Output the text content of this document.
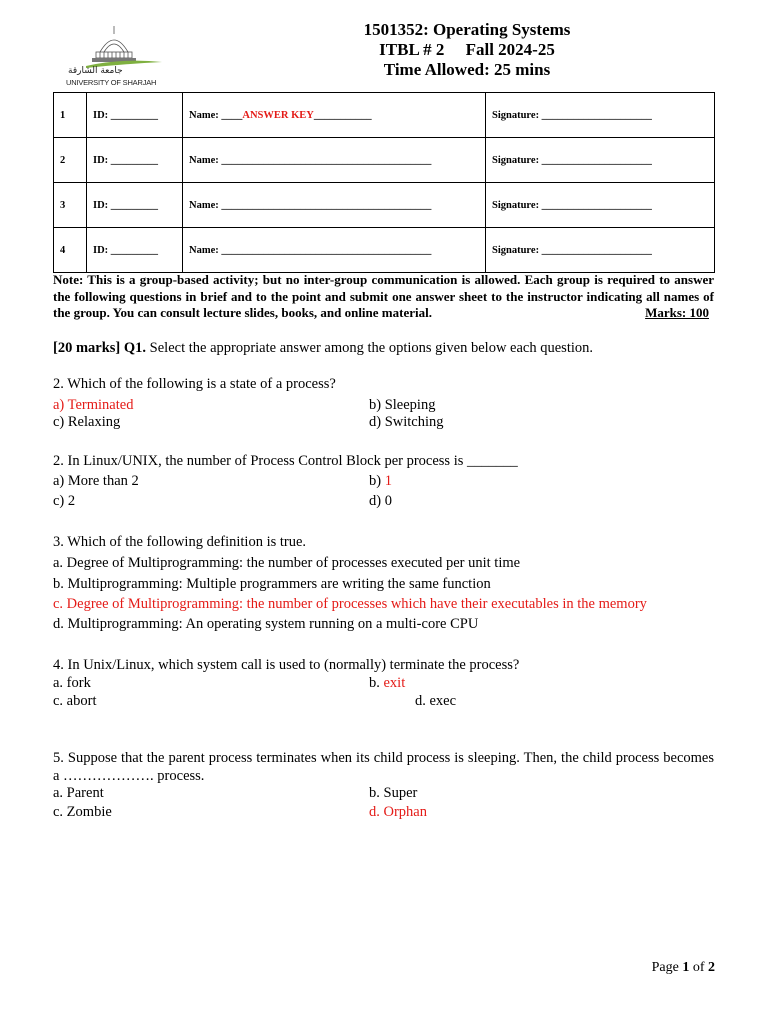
جامعة الشارقة
UNIVERSITY OF SHARJAH
1501352: Operating Systems
ITBL # 2     Fall 2024-25
Time Allowed: 25 mins
1	ID: _________	Name: ____ANSWER KEY___________	Signature: _____________________
2	ID: _________	Name: ________________________________________	Signature: _____________________
3	ID: _________	Name: ________________________________________	Signature: _____________________
4	ID: _________	Name: ________________________________________	Signature: _____________________
Note: This is a group-based activity; but no inter-group communication is allowed. Each group is required to answer the following questions in brief and to the point and submit one answer sheet to the instructor indicating all names of the group. You can consult lecture slides, books, and online material.	Marks: 100
[20 marks] Q1. Select the appropriate answer among the options given below each question.
2. Which of the following is a state of a process?
a) Terminated	b) Sleeping
c) Relaxing	d) Switching
2. In Linux/UNIX, the number of Process Control Block per process is _______
a) More than 2	b) 1
c) 2	d) 0
3. Which of the following definition is true.
a. Degree of Multiprogramming: the number of processes executed per unit time
b. Multiprogramming: Multiple programmers are writing the same function
c. Degree of Multiprogramming: the number of processes which have their executables in the memory
d. Multiprogramming: An operating system running on a multi-core CPU
4. In Unix/Linux, which system call is used to (normally) terminate the process?
a. fork	b. exit
c. abort	d. exec
5. Suppose that the parent process terminates when its child process is sleeping. Then, the child process becomes a ………………. process.
a. Parent	b. Super
c. Zombie	d. Orphan
Page 1 of 2
